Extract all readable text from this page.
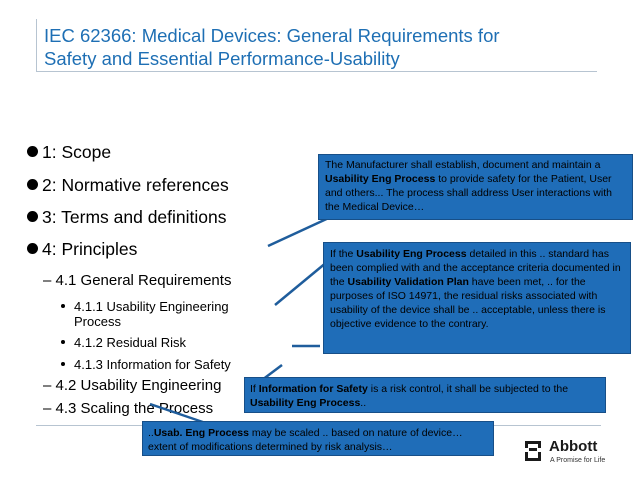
IEC 62366: Medical Devices: General Requirements for
Safety and Essential Performance-Usability
1: Scope
2: Normative references
3: Terms and definitions
4: Principles
– 4.1 General Requirements
4.1.1 Usability Engineering
Process
4.1.2 Residual Risk
4.1.3 Information for Safety
– 4.2 Usability Engineering
– 4.3 Scaling the Process
The Manufacturer shall establish, document and maintain a Usability Eng Process to provide safety for the Patient, User and others... The process shall address User interactions with the Medical Device…
If the Usability Eng Process detailed in this .. standard has been complied with and the acceptance criteria documented in the Usability Validation Plan have been met, .. for the purposes of ISO 14971, the residual risks associated with usability of the device shall be .. acceptable, unless there is objective evidence to the contrary.
If Information for Safety is a risk control, it shall be subjected to the Usability Eng Process..
..Usab. Eng Process may be scaled .. based on nature of device…extent of modifications determined by risk analysis…	Abbott
A Promise for Life
